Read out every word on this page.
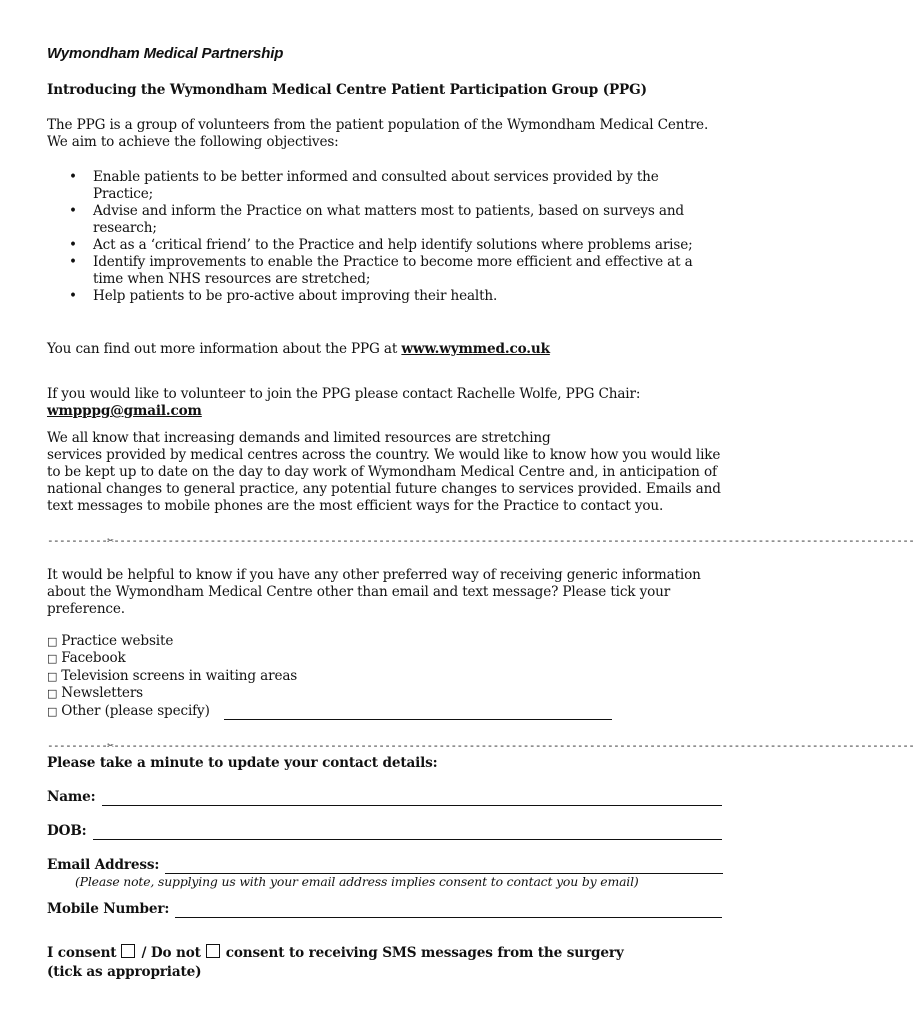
Wymondham Medical Partnership
Introducing the Wymondham Medical Centre Patient Participation Group (PPG)
The PPG is a group of volunteers from the patient population of the Wymondham Medical Centre. We aim to achieve the following objectives:
• Enable patients to be better informed and consulted about services provided by the Practice;
• Advise and inform the Practice on what matters most to patients, based on surveys and research;
• Act as a ‘critical friend’ to the Practice and help identify solutions where problems arise;
• Identify improvements to enable the Practice to become more efficient and effective at a time when NHS resources are stretched;
• Help patients to be pro-active about improving their health.
You can find out more information about the PPG at www.wymmed.co.uk
If you would like to volunteer to join the PPG please contact Rachelle Wolfe, PPG Chair:
wmpppg@gmail.com
We all know that increasing demands and limited resources are stretching
services provided by medical centres across the country. We would like to know how you would like to be kept up to date on the day to day work of Wymondham Medical Centre and, in anticipation of national changes to general practice, any potential future changes to services provided. Emails and text messages to mobile phones are the most efficient ways for the Practice to contact you.
----------✂-------------------------------------------------------------------------------------------------------------------------------------
It would be helpful to know if you have any other preferred way of receiving generic information about the Wymondham Medical Centre other than email and text message? Please tick your preference.
□ Practice website
□ Facebook
□ Television screens in waiting areas
□ Newsletters
□ Other (please specify)
----------✂-------------------------------------------------------------------------------------------------------------------------------------
Please take a minute to update your contact details:
Name:
DOB:
Email Address:
(Please note, supplying us with your email address implies consent to contact you by email)
Mobile Number:
I consent / Do not consent to receiving SMS messages from the surgery
(tick as appropriate)
